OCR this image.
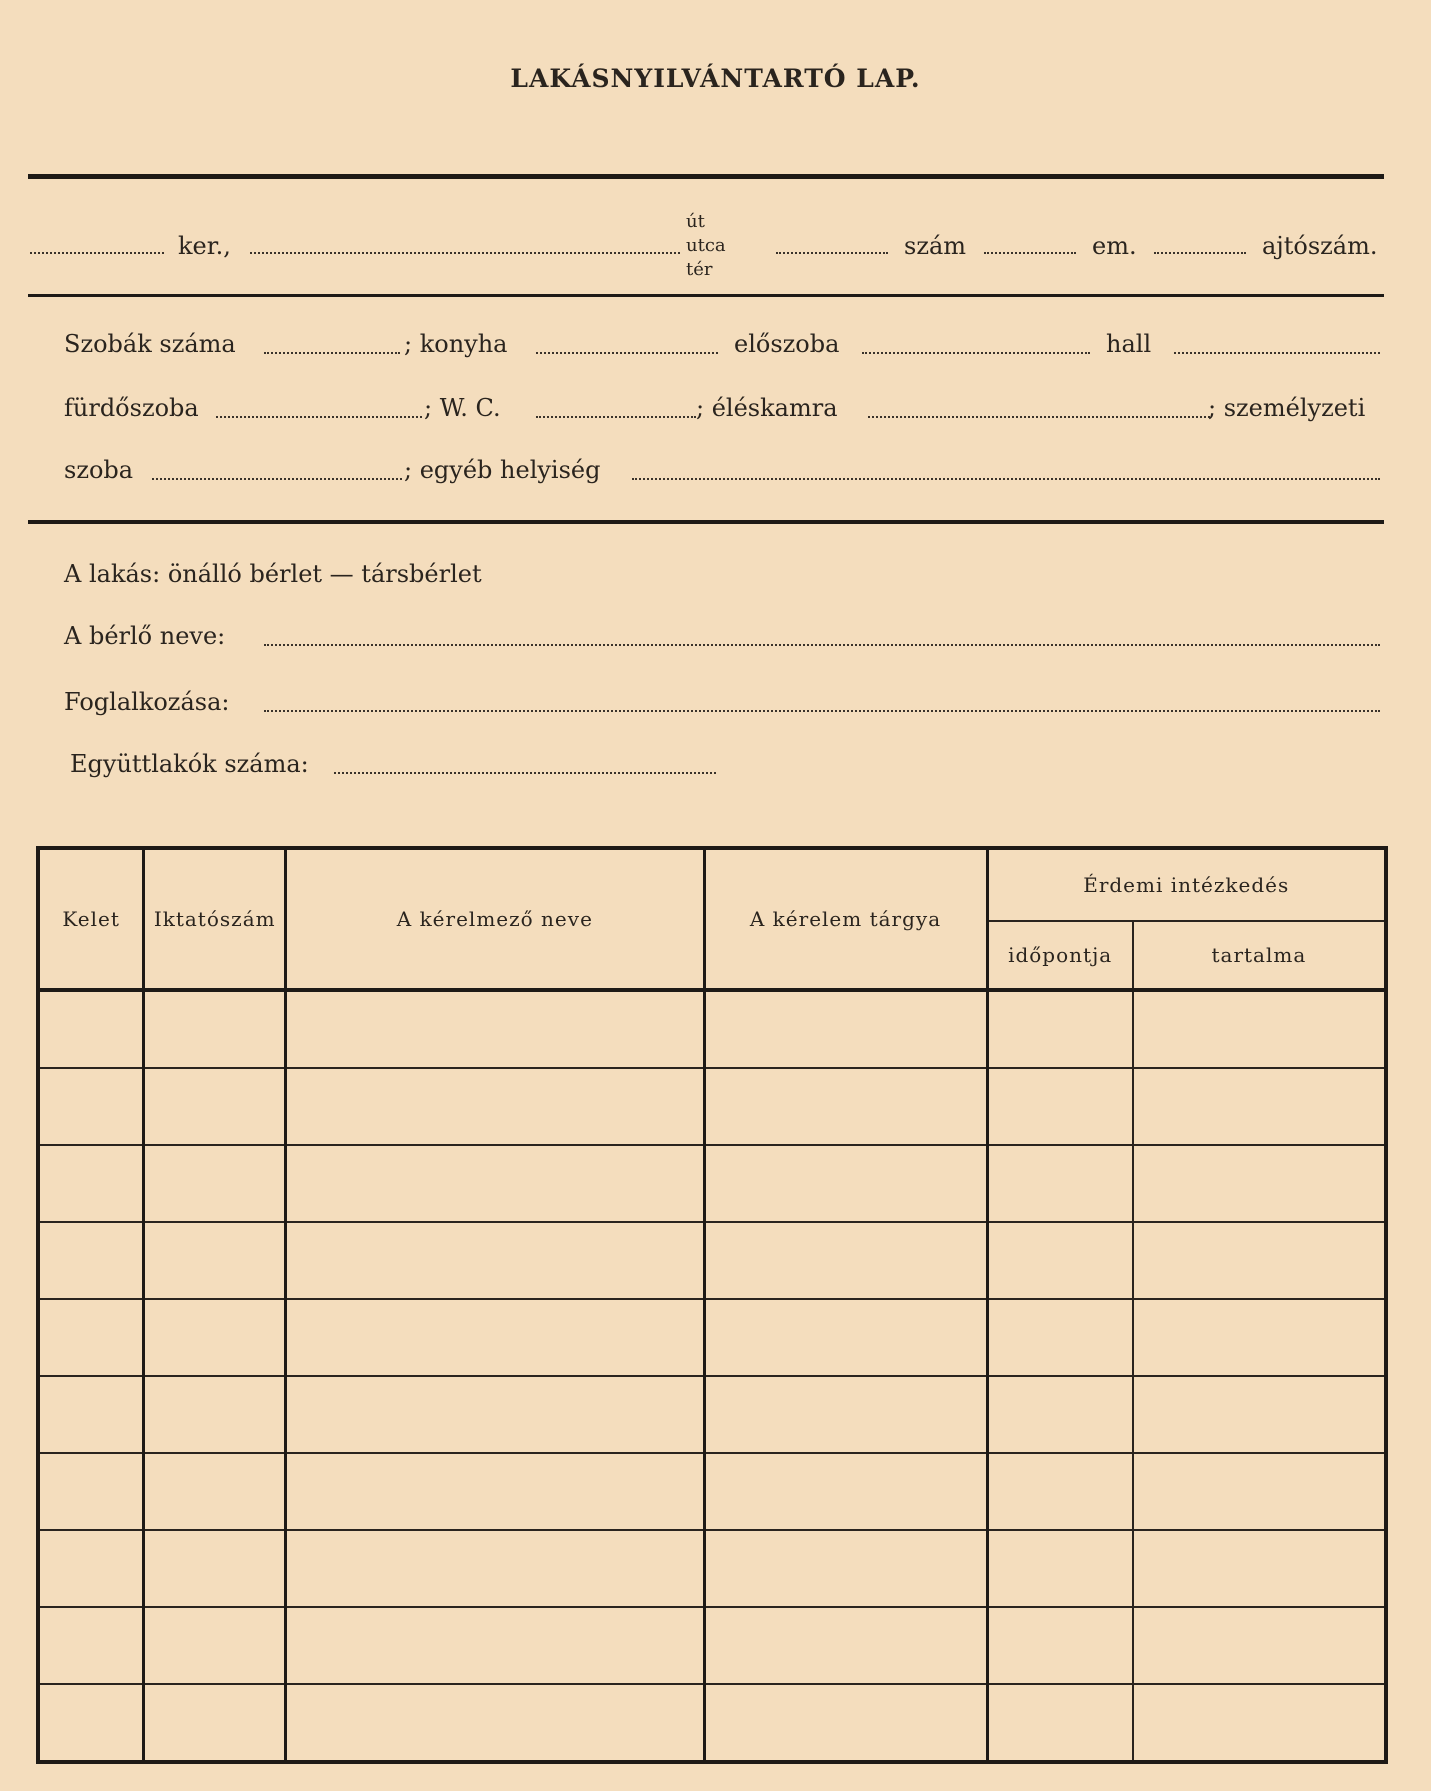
LAKÁSNYILVÁNTARTÓ LAP.
ker.,
út
utca
tér
szám	em.	ajtószám.
Szobák száma	; konyha	előszoba	hall
fürdőszoba	; W. C.	; éléskamra	; személyzeti
szoba	; egyéb helyiség
A lakás: önálló bérlet — társbérlet
A bérlő neve:
Foglalkozása:
Együttlakók száma:
Kelet	Iktatószám	A kérelmező neve	A kérelem tárgya	Érdemi intézkedés	
				időpontja	tartalma
